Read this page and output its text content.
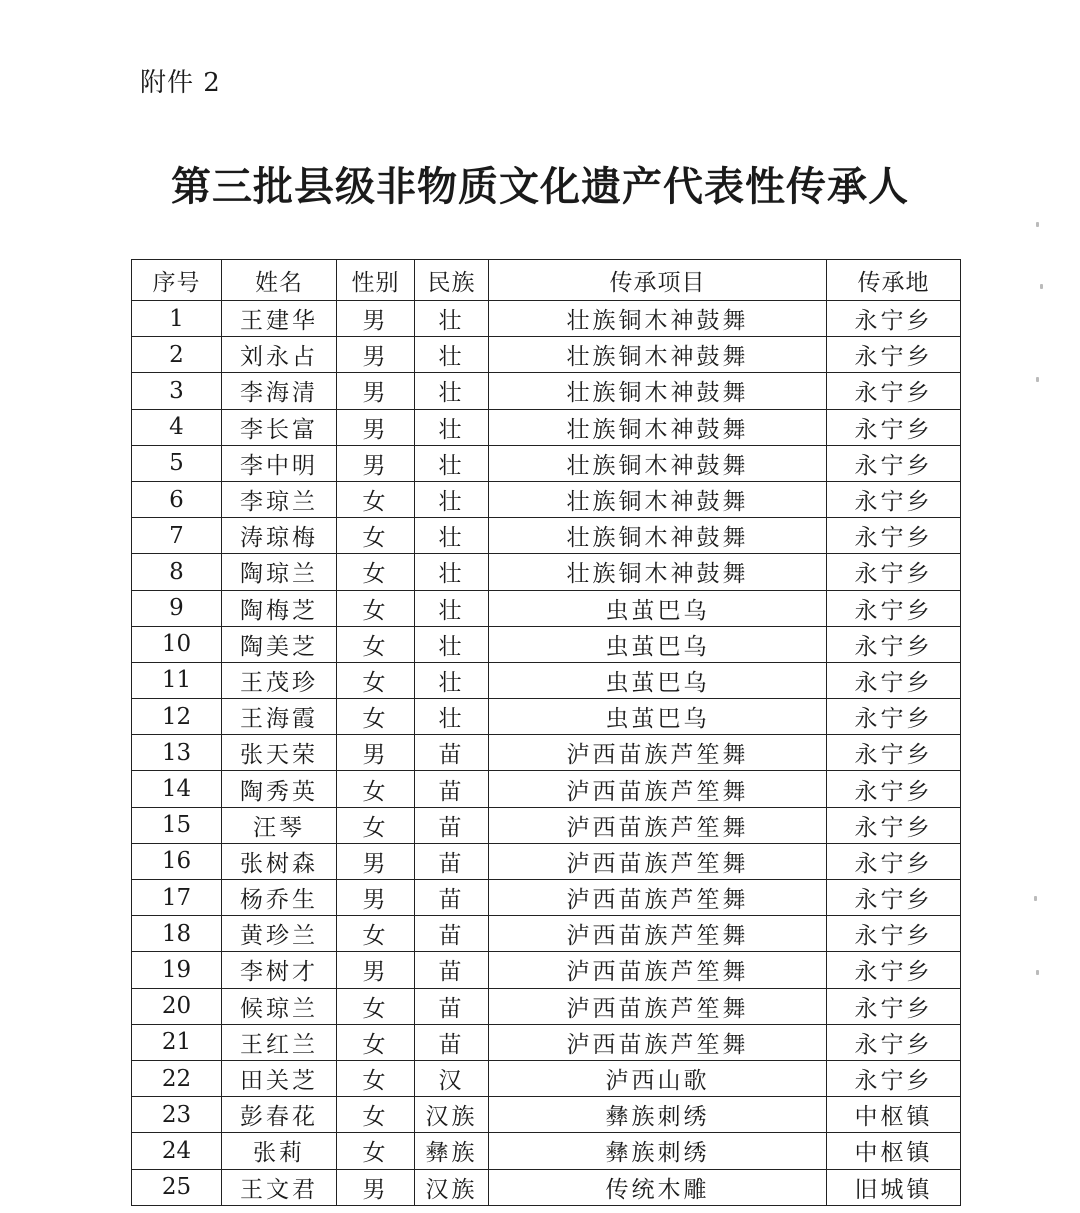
附件 2
第三批县级非物质文化遗产代表性传承人
序号	姓名	性别	民族	传承项目	传承地
1	王建华	男	壮	壮族铜木神鼓舞	永宁乡
2	刘永占	男	壮	壮族铜木神鼓舞	永宁乡
3	李海清	男	壮	壮族铜木神鼓舞	永宁乡
4	李长富	男	壮	壮族铜木神鼓舞	永宁乡
5	李中明	男	壮	壮族铜木神鼓舞	永宁乡
6	李琼兰	女	壮	壮族铜木神鼓舞	永宁乡
7	涛琼梅	女	壮	壮族铜木神鼓舞	永宁乡
8	陶琼兰	女	壮	壮族铜木神鼓舞	永宁乡
9	陶梅芝	女	壮	虫茧巴乌	永宁乡
10	陶美芝	女	壮	虫茧巴乌	永宁乡
11	王茂珍	女	壮	虫茧巴乌	永宁乡
12	王海霞	女	壮	虫茧巴乌	永宁乡
13	张天荣	男	苗	泸西苗族芦笙舞	永宁乡
14	陶秀英	女	苗	泸西苗族芦笙舞	永宁乡
15	汪琴	女	苗	泸西苗族芦笙舞	永宁乡
16	张树森	男	苗	泸西苗族芦笙舞	永宁乡
17	杨乔生	男	苗	泸西苗族芦笙舞	永宁乡
18	黄珍兰	女	苗	泸西苗族芦笙舞	永宁乡
19	李树才	男	苗	泸西苗族芦笙舞	永宁乡
20	候琼兰	女	苗	泸西苗族芦笙舞	永宁乡
21	王红兰	女	苗	泸西苗族芦笙舞	永宁乡
22	田关芝	女	汉	泸西山歌	永宁乡
23	彭春花	女	汉族	彝族刺绣	中枢镇
24	张莉	女	彝族	彝族刺绣	中枢镇
25	王文君	男	汉族	传统木雕	旧城镇
